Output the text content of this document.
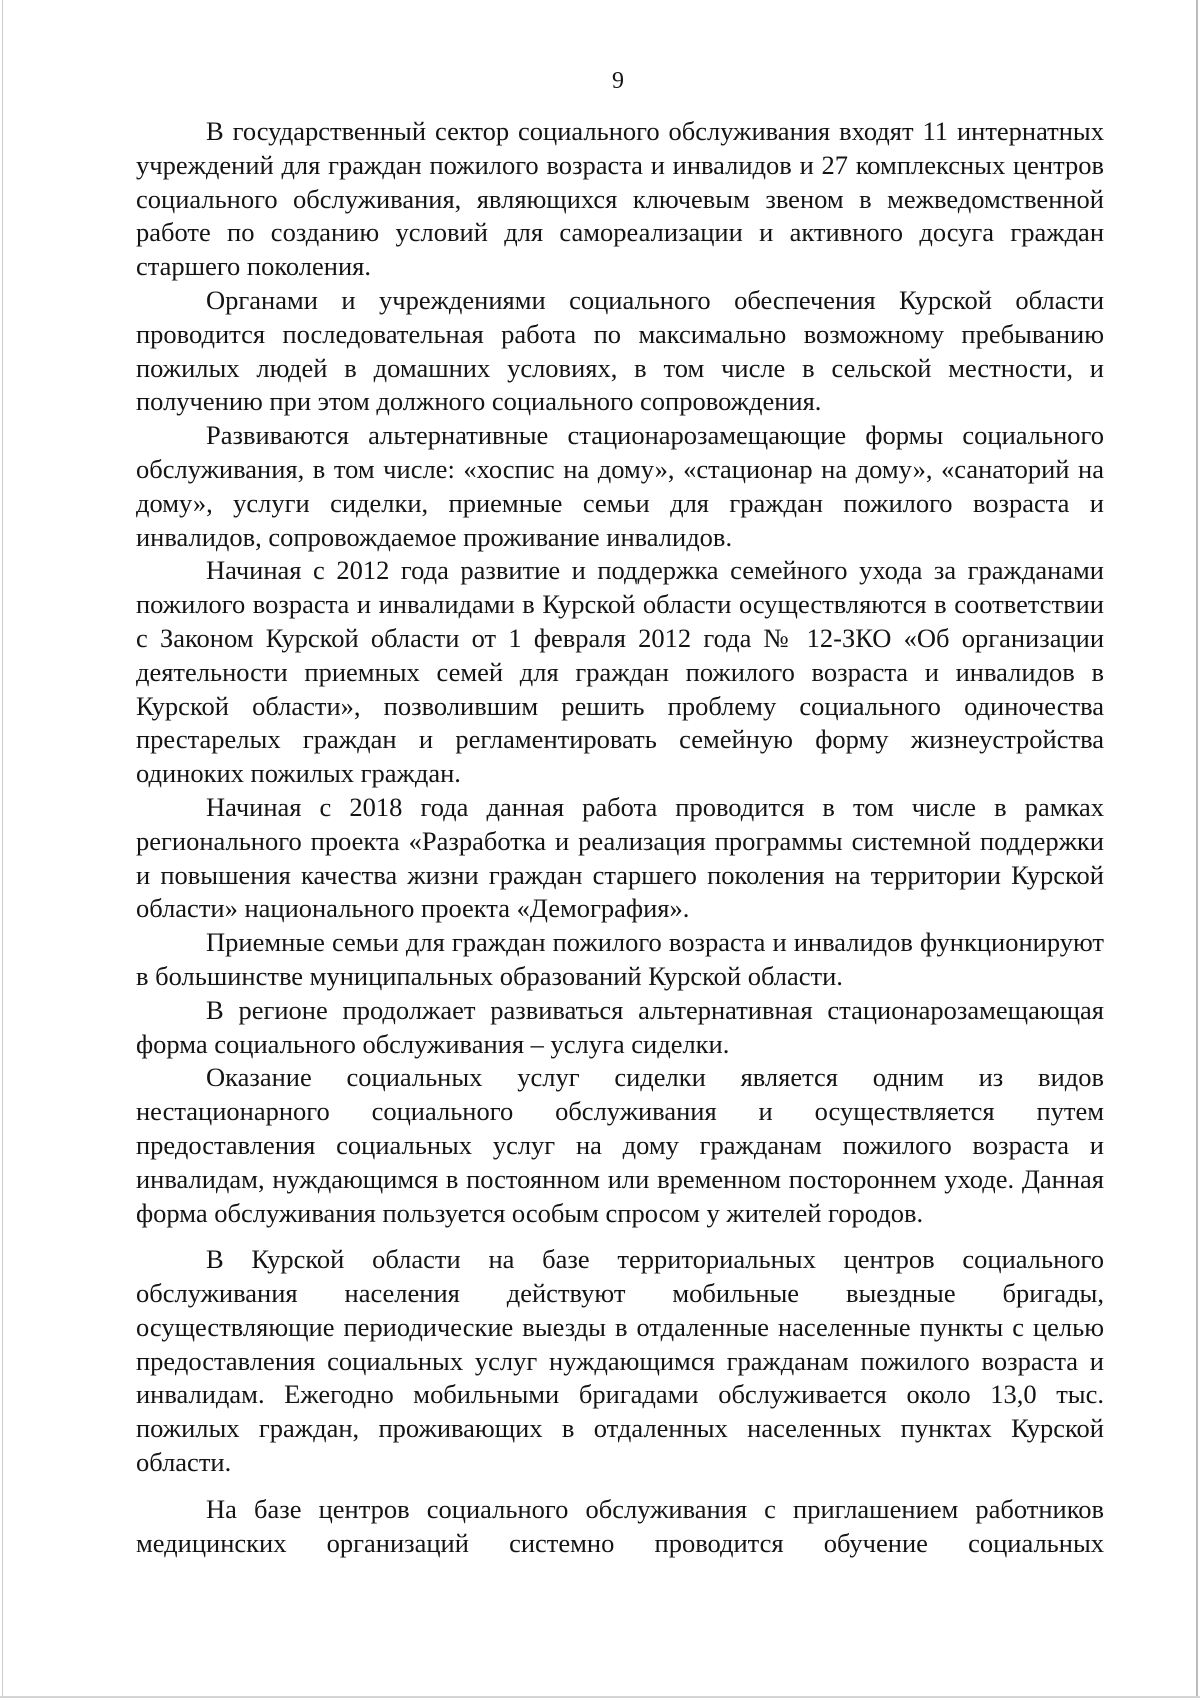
9

В государственный сектор социального обслуживания входят 11 интернатных учреждений для граждан пожилого возраста и инвалидов и 27 комплексных центров социального обслуживания, являющихся ключевым звеном в межведомственной работе по созданию условий для самореализации и активного досуга граждан старшего поколения.

Органами и учреждениями социального обеспечения Курской области проводится последовательная работа по максимально возможному пребыванию пожилых людей в домашних условиях, в том числе в сельской местности, и получению при этом должного социального сопровождения.

Развиваются альтернативные стационарозамещающие формы социального обслуживания, в том числе: «хоспис на дому», «стационар на дому», «санаторий на дому», услуги сиделки, приемные семьи для граждан пожилого возраста и инвалидов, сопровождаемое проживание инвалидов.

Начиная с 2012 года развитие и поддержка семейного ухода за гражданами пожилого возраста и инвалидами в Курской области осуществляются в соответствии с Законом Курской области от 1 февраля 2012 года № 12-ЗКО «Об организации деятельности приемных семей для граждан пожилого возраста и инвалидов в Курской области», позволившим решить проблему социального одиночества престарелых граждан и регламентировать семейную форму жизнеустройства одиноких пожилых граждан.

Начиная с 2018 года данная работа проводится в том числе в рамках регионального проекта «Разработка и реализация программы системной поддержки и повышения качества жизни граждан старшего поколения на территории Курской области» национального проекта «Демография».

Приемные семьи для граждан пожилого возраста и инвалидов функционируют в большинстве муниципальных образований Курской области.

В регионе продолжает развиваться альтернативная стационарозамещающая форма социального обслуживания – услуга сиделки.

Оказание социальных услуг сиделки является одним из видов нестационарного социального обслуживания и осуществляется путем предоставления социальных услуг на дому гражданам пожилого возраста и инвалидам, нуждающимся в постоянном или временном постороннем уходе. Данная форма обслуживания пользуется особым спросом у жителей городов.

В Курской области на базе территориальных центров социального обслуживания населения действуют мобильные выездные бригады, осуществляющие периодические выезды в отдаленные населенные пункты с целью предоставления социальных услуг нуждающимся гражданам пожилого возраста и инвалидам. Ежегодно мобильными бригадами обслуживается около 13,0 тыс. пожилых граждан, проживающих в отдаленных населенных пунктах Курской области.

На базе центров социального обслуживания с приглашением работников медицинских организаций системно проводится обучение социальных
